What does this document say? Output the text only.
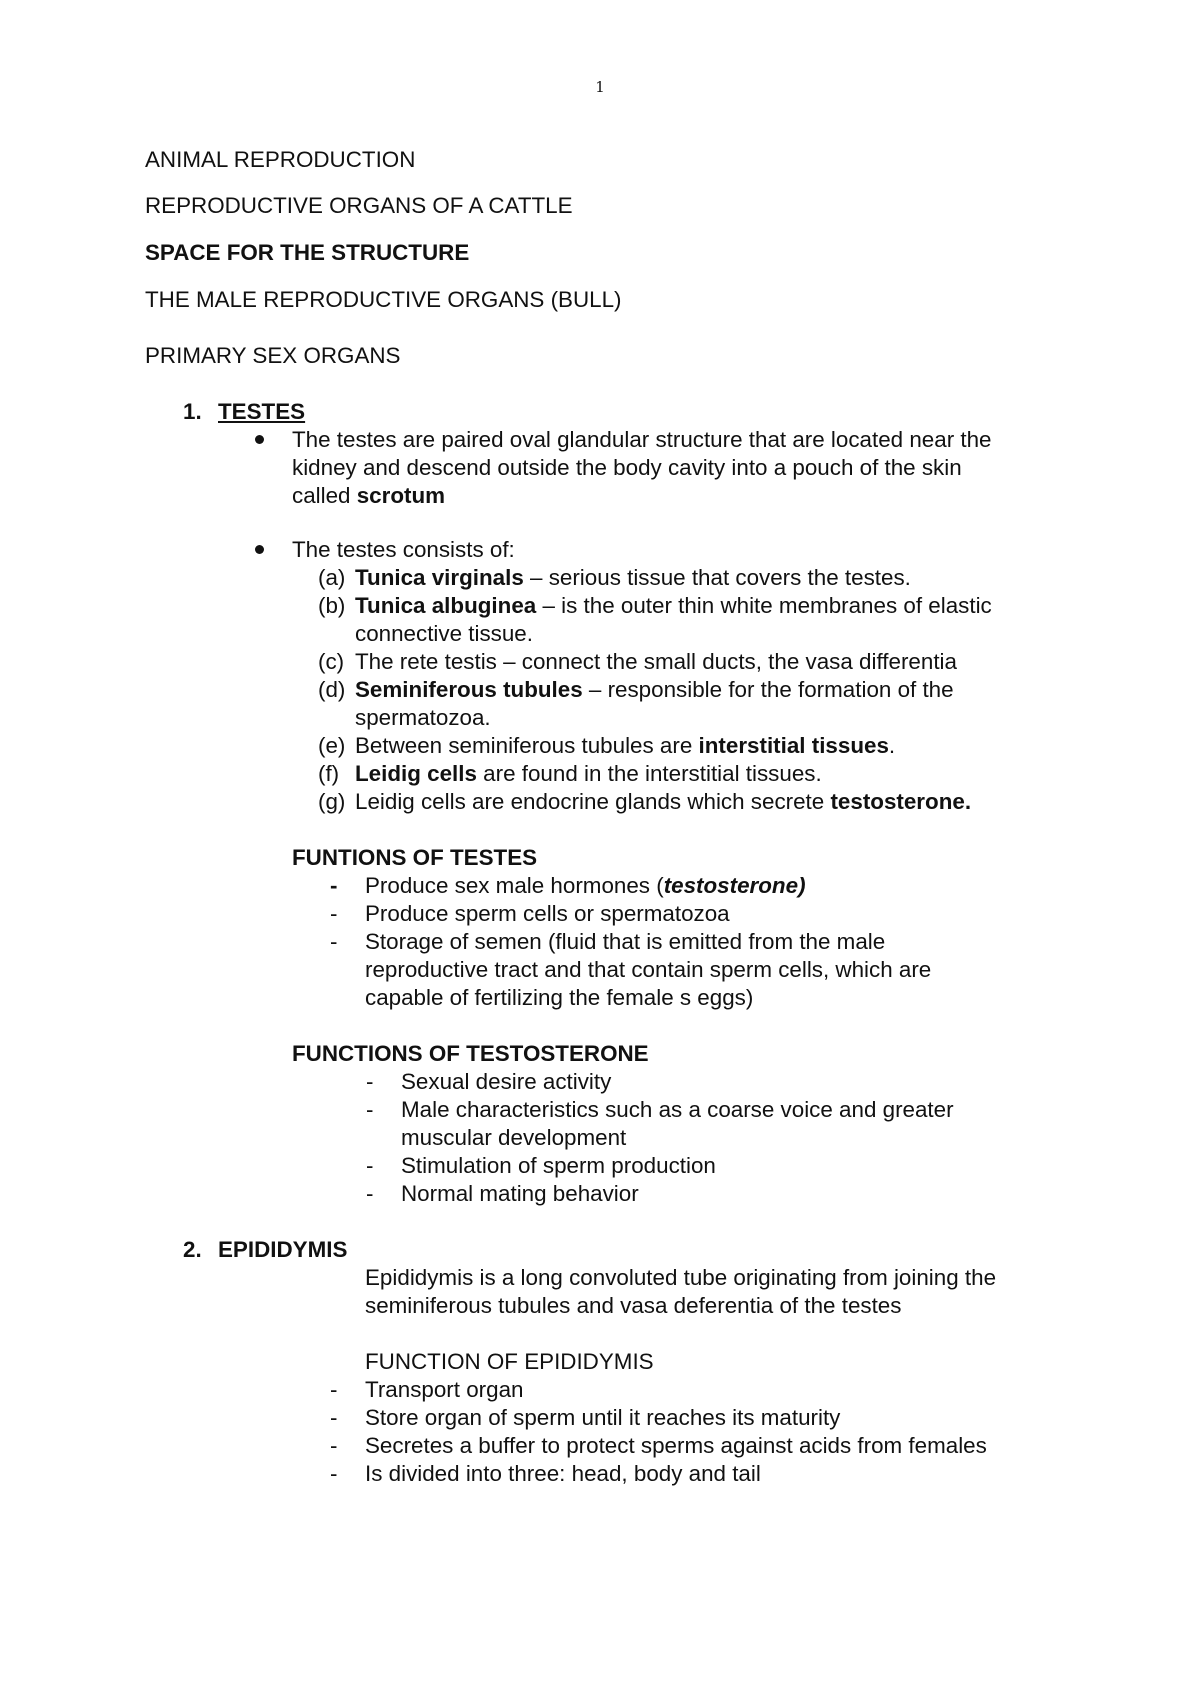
1
ANIMAL REPRODUCTION
REPRODUCTIVE ORGANS OF A CATTLE
SPACE FOR THE STRUCTURE
THE MALE REPRODUCTIVE ORGANS (BULL)
PRIMARY SEX ORGANS
1. TESTES
The testes are paired oval glandular structure that are located near the
kidney and descend outside the body cavity into a pouch of the skin
called scrotum
The testes consists of:
(a) Tunica virginals – serious tissue that covers the testes.
(b) Tunica albuginea – is the outer thin white membranes of elastic
connective tissue.
(c) The rete testis – connect the small ducts, the vasa differentia
(d) Seminiferous tubules – responsible for the formation of the
spermatozoa.
(e) Between seminiferous tubules are interstitial tissues.
(f) Leidig cells are found in the interstitial tissues.
(g) Leidig cells are endocrine glands which secrete testosterone.
FUNTIONS OF TESTES
- Produce sex male hormones (testosterone)
- Produce sperm cells or spermatozoa
- Storage of semen (fluid that is emitted from the male
reproductive tract and that contain sperm cells, which are
capable of fertilizing the female s eggs)
FUNCTIONS OF TESTOSTERONE
- Sexual desire activity
- Male characteristics such as a coarse voice and greater
muscular development
- Stimulation of sperm production
- Normal mating behavior
2. EPIDIDYMIS
Epididymis is a long convoluted tube originating from joining the
seminiferous tubules and vasa deferentia of the testes
FUNCTION OF EPIDIDYMIS
- Transport organ
- Store organ of sperm until it reaches its maturity
- Secretes a buffer to protect sperms against acids from females
- Is divided into three: head, body and tail
